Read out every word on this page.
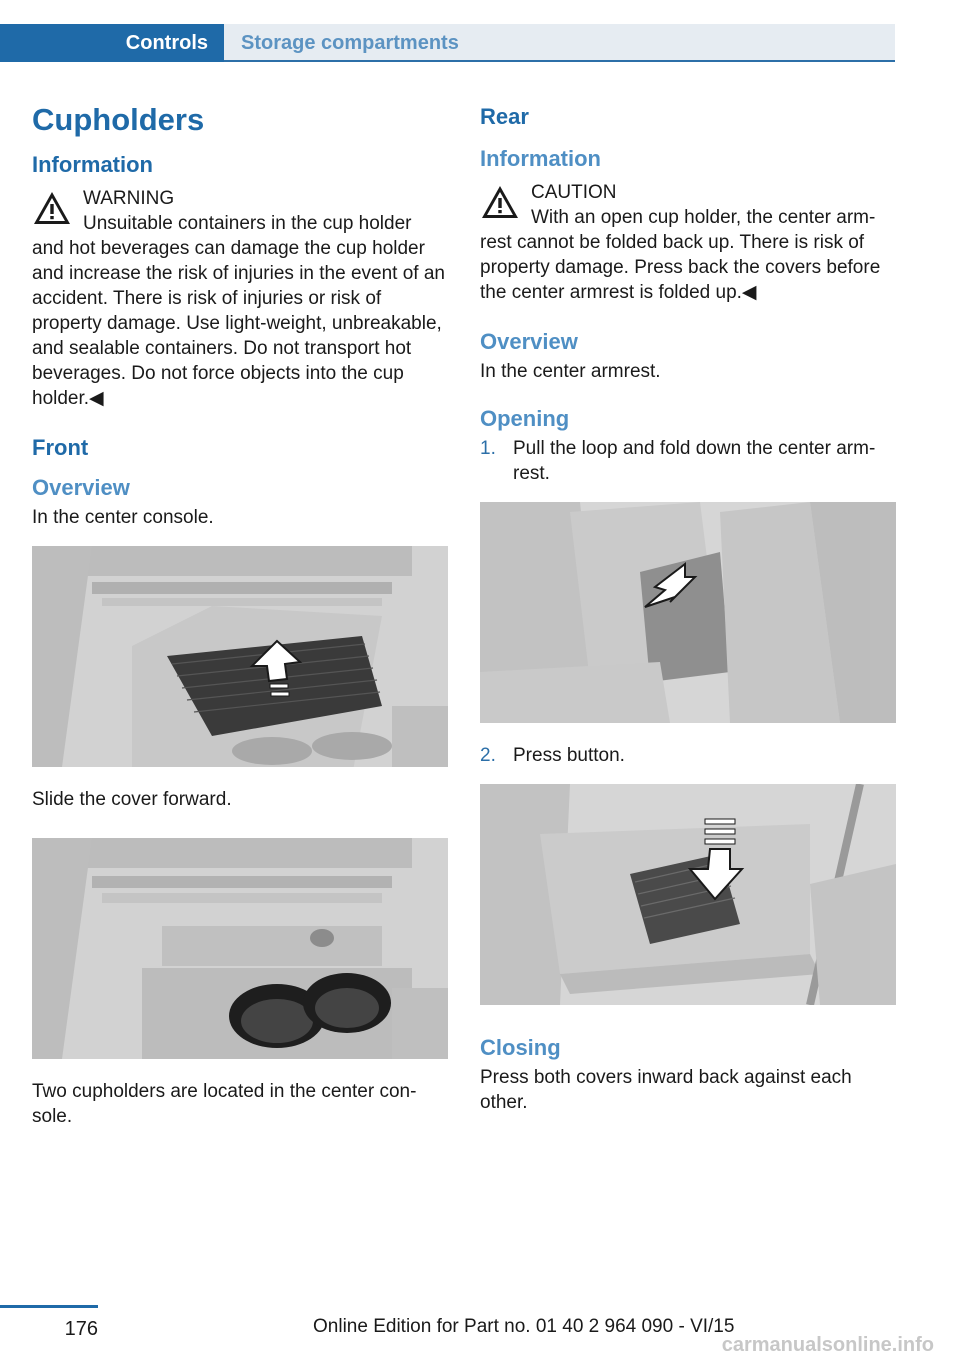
Controls	Storage compartments
Cupholders
Information
WARNING
Unsuitable containers in the cup holder and hot beverages can damage the cup holder and increase the risk of injuries in the event of an accident. There is risk of injuries or risk of property damage. Use light-weight, unbreakable, and sealable containers. Do not transport hot beverages. Do not force objects into the cup holder.◀
Front
Overview
In the center console.
Slide the cover forward.
Two cupholders are located in the center console.
Rear
Information
CAUTION
With an open cup holder, the center armrest cannot be folded back up. There is risk of property damage. Press back the covers before the center armrest is folded up.◀
Overview
In the center armrest.
Opening
1. Pull the loop and fold down the center armrest.
2. Press button.
Closing
Press both covers inward back against each other.
176	Online Edition for Part no. 01 40 2 964 090 - VI/15
carmanualsonline.info
